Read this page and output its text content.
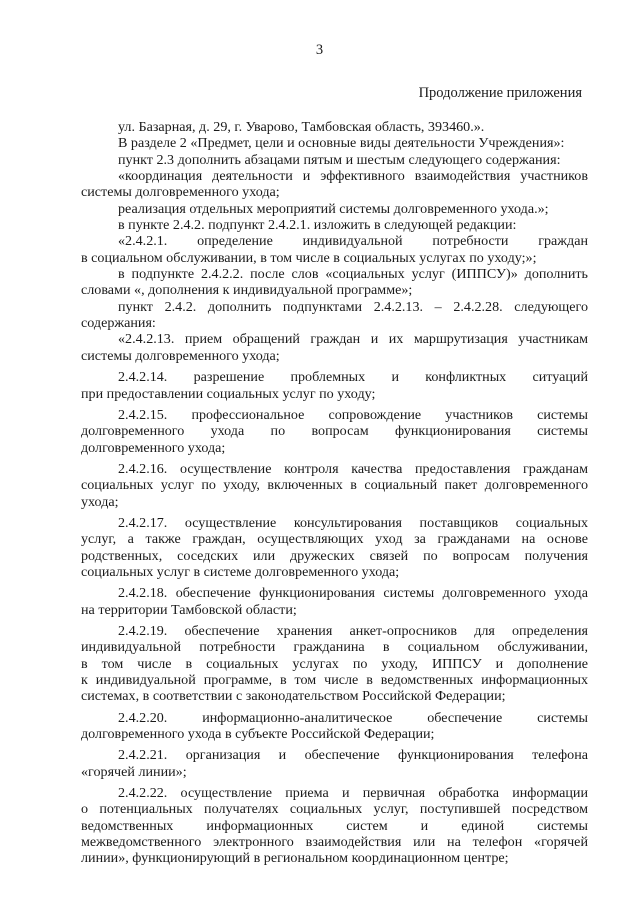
3
Продолжение приложения

ул. Базарная, д. 29, г. Уварово, Тамбовская область, 393460.».

В разделе 2 «Предмет, цели и основные виды деятельности Учреждения»:

пункт 2.3 дополнить абзацами пятым и шестым следующего содержания:

«координация деятельности и эффективного взаимодействия участников
системы долговременного ухода;

реализация отдельных мероприятий системы долговременного ухода.»;

в пункте 2.4.2. подпункт 2.4.2.1. изложить в следующей редакции:

«2.4.2.1. определение индивидуальной потребности граждан
в социальном обслуживании, в том числе в социальных услугах по уходу;»;

в подпункте 2.4.2.2. после слов «социальных услуг (ИППСУ)» дополнить
словами «, дополнения к индивидуальной программе»;

пункт 2.4.2. дополнить подпунктами 2.4.2.13. – 2.4.2.28. следующего
содержания:

«2.4.2.13. прием обращений граждан и их маршрутизация участникам
системы долговременного ухода;

2.4.2.14. разрешение проблемных и конфликтных ситуаций
при предоставлении социальных услуг по уходу;

2.4.2.15. профессиональное сопровождение участников системы
долговременного ухода по вопросам функционирования системы
долговременного ухода;

2.4.2.16. осуществление контроля качества предоставления гражданам
социальных услуг по уходу, включенных в социальный пакет долговременного
ухода;

2.4.2.17. осуществление консультирования поставщиков социальных
услуг, а также граждан, осуществляющих уход за гражданами на основе
родственных, соседских или дружеских связей по вопросам получения
социальных услуг в системе долговременного ухода;

2.4.2.18. обеспечение функционирования системы долговременного ухода
на территории Тамбовской области;

2.4.2.19. обеспечение хранения анкет-опросников для определения
индивидуальной потребности гражданина в социальном обслуживании,
в том числе в социальных услугах по уходу, ИППСУ и дополнение
к индивидуальной программе, в том числе в ведомственных информационных
системах, в соответствии с законодательством Российской Федерации;

2.4.2.20. информационно-аналитическое обеспечение системы
долговременного ухода в субъекте Российской Федерации;

2.4.2.21. организация и обеспечение функционирования телефона
«горячей линии»;

2.4.2.22. осуществление приема и первичная обработка информации
о потенциальных получателях социальных услуг, поступившей посредством
ведомственных информационных систем и единой системы
межведомственного электронного взаимодействия или на телефон «горячей
линии», функционирующий в региональном координационном центре;
